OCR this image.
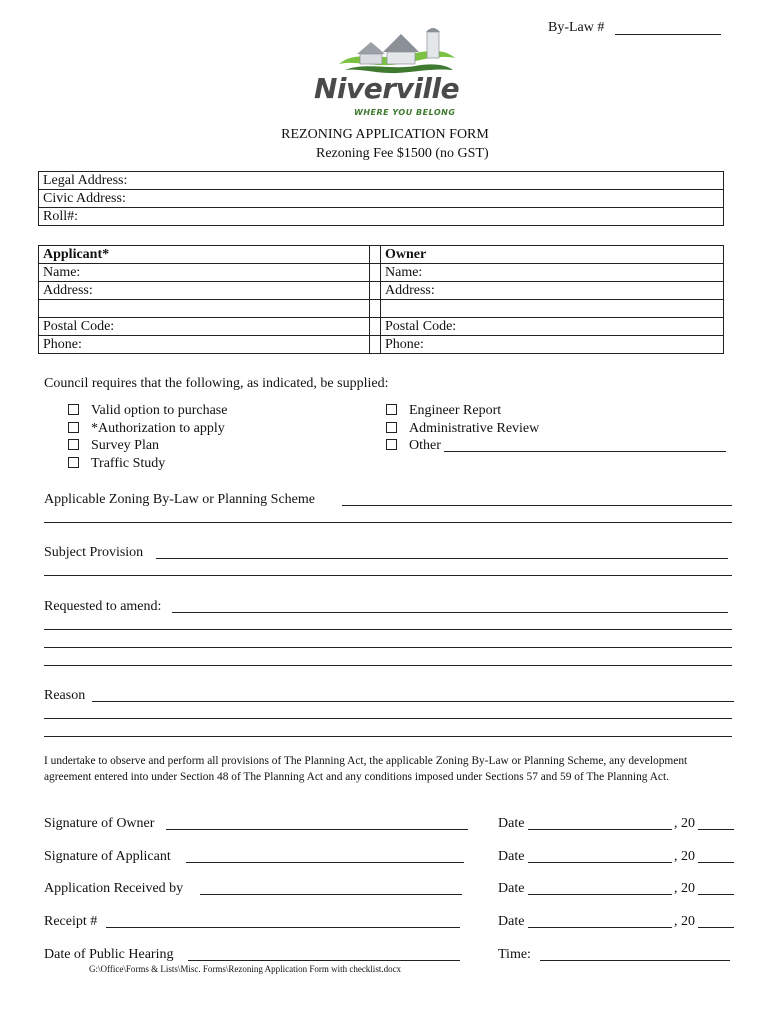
By-Law #
Niverville
WHERE YOU BELONG
REZONING APPLICATION FORM
Rezoning Fee $1500 (no GST)
Legal Address:
Civic Address:
Roll#:
Applicant*		Owner
Name:		Name:
Address:		Address:

Postal Code:		Postal Code:
Phone:		Phone:
Council requires that the following, as indicated, be supplied:
Valid option to purchase
*Authorization to apply
Survey Plan
Traffic Study
Engineer Report
Administrative Review
Other
Applicable Zoning By-Law or Planning Scheme
Subject Provision
Requested to amend:
Reason
I undertake to observe and perform all provisions of The Planning Act, the applicable Zoning By-Law or Planning Scheme, any development agreement entered into under Section 48 of The Planning Act and any conditions imposed under Sections 57 and 59 of The Planning Act.
Signature of Owner	Date	, 20
Signature of Applicant	Date	, 20
Application Received by	Date	, 20
Receipt #	Date	, 20
Date of Public Hearing	Time:
G:\Office\Forms & Lists\Misc. Forms\Rezoning Application Form with checklist.docx
